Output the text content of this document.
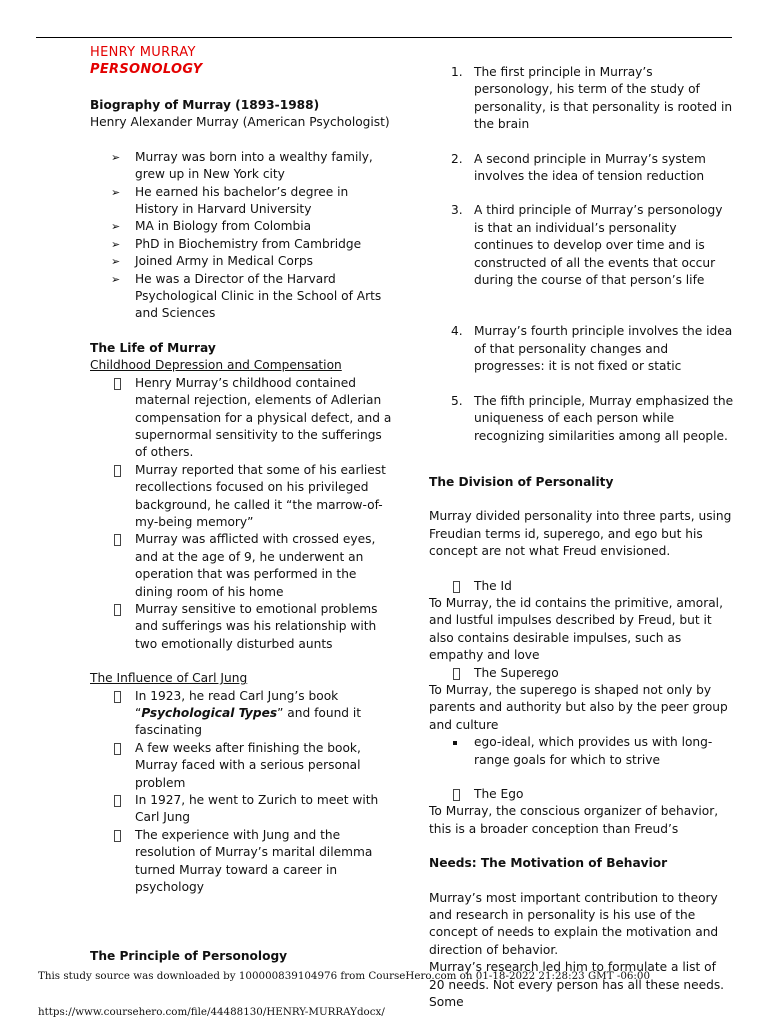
HENRY MURRAY
PERSONOLOGY
Biography of Murray (1893-1988)
Henry Alexander Murray (American Psychologist)
➢ Murray was born into a wealthy family, grew up in New York city
➢ He earned his bachelor’s degree in History in Harvard University
➢ MA in Biology from Colombia
➢ PhD in Biochemistry from Cambridge
➢ Joined Army in Medical Corps
➢ He was a Director of the Harvard Psychological Clinic in the School of Arts and Sciences
The Life of Murray
Childhood Depression and Compensation
Henry Murray’s childhood contained maternal rejection, elements of Adlerian compensation for a physical defect, and a supernormal sensitivity to the sufferings of others.
Murray reported that some of his earliest recollections focused on his privileged background, he called it “the marrow-of-my-being memory”
Murray was afflicted with crossed eyes, and at the age of 9, he underwent an operation that was performed in the dining room of his home
Murray sensitive to emotional problems and sufferings was his relationship with two emotionally disturbed aunts
The Influence of Carl Jung
In 1923, he read Carl Jung’s book “Psychological Types” and found it fascinating
A few weeks after finishing the book, Murray faced with a serious personal problem
In 1927, he went to Zurich to meet with Carl Jung
The experience with Jung and the resolution of Murray’s marital dilemma turned Murray toward a career in psychology
The Principle of Personology
1. The first principle in Murray’s personology, his term of the study of personality, is that personality is rooted in the brain
2. A second principle in Murray’s system involves the idea of tension reduction
3. A third principle of Murray’s personology is that an individual’s personality continues to develop over time and is constructed of all the events that occur during the course of that person’s life
4. Murray’s fourth principle involves the idea of that personality changes and progresses: it is not fixed or static
5. The fifth principle, Murray emphasized the uniqueness of each person while recognizing similarities among all people.
The Division of Personality

Murray divided personality into three parts, using Freudian terms id, superego, and ego but his concept are not what Freud envisioned.

The Id

To Murray, the id contains the primitive, amoral, and lustful impulses described by Freud, but it also contains desirable impulses, such as empathy and love

The Superego

To Murray, the superego is shaped not only by parents and authority but also by the peer group and culture

ego-ideal, which provides us with long-range goals for which to strive
The Ego

To Murray, the conscious organizer of behavior, this is a broader conception than Freud’s

Needs: The Motivation of Behavior

Murray’s most important contribution to theory and research in personality is his use of the concept of needs to explain the motivation and direction of behavior.

Murray’s research led him to formulate a list of 20 needs. Not every person has all these needs. Some

This study source was downloaded by 100000839104976 from CourseHero.com on 01-18-2022 21:28:23 GMT -06:00
https://www.coursehero.com/file/44488130/HENRY-MURRAYdocx/
